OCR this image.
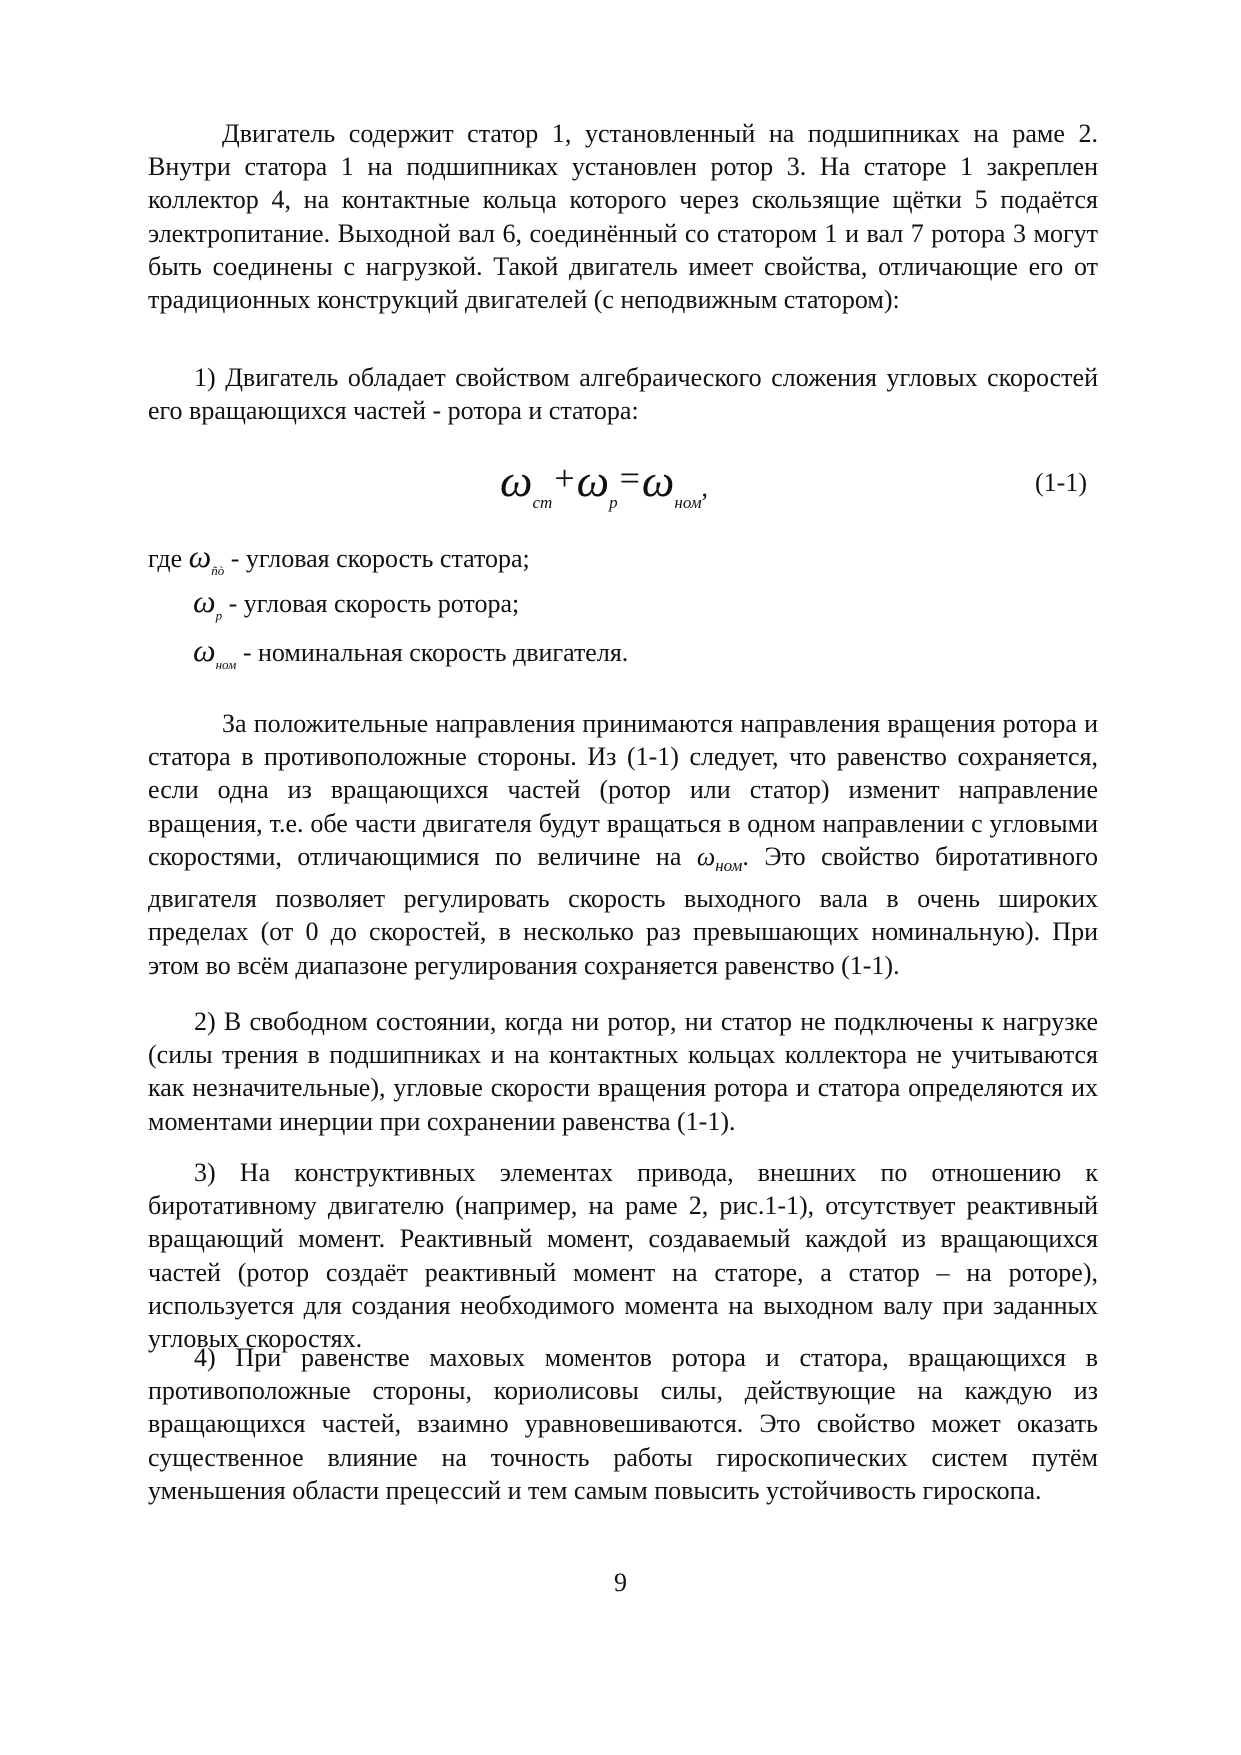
Двигатель содержит статор 1, установленный на подшипниках на раме 2. Внутри статора 1 на подшипниках установлен ротор 3. На статоре 1 закреплен коллектор 4, на контактные кольца которого через скользящие щётки 5 подаётся электропитание. Выходной вал 6, соединённый со статором 1 и вал 7 ротора 3 могут быть соединены с нагрузкой. Такой двигатель имеет свойства, отличающие его от традиционных конструкций двигателей (с неподвижным статором):

1) Двигатель обладает свойством алгебраического сложения угловых скоростей его вращающихся частей - ротора и статора:

$\omega_{ст}+\omega_р=\omega_{ном}$,	(1-1)
где $\omega_{ñò}$ - угловая скорость статора;
$\omega_р$ - угловая скорость ротора;
$\omega_{ном}$ - номинальная скорость двигателя.

За положительные направления принимаются направления вращения ротора и статора в противоположные стороны. Из (1-1) следует, что равенство сохраняется, если одна из вращающихся частей (ротор или статор) изменит направление вращения, т.е. обе части двигателя будут вращаться в одном направлении с угловыми скоростями, отличающимися по величине на $\omega_{ном}$. Это свойство биротативного двигателя позволяет регулировать скорость выходного вала в очень широких пределах (от 0 до скоростей, в несколько раз превышающих номинальную). При этом во всём диапазоне регулирования сохраняется равенство (1-1).

2) В свободном состоянии, когда ни ротор, ни статор не подключены к нагрузке (силы трения в подшипниках и на контактных кольцах коллектора не учитываются как незначительные), угловые скорости вращения ротора и статора определяются их моментами инерции при сохранении равенства (1-1).

3) На конструктивных элементах привода, внешних по отношению к биротативному двигателю (например, на раме 2, рис.1-1), отсутствует реактивный вращающий момент. Реактивный момент, создаваемый каждой из вращающихся частей (ротор создаёт реактивный момент на статоре, а статор – на роторе), используется для создания необходимого момента на выходном валу при заданных угловых скоростях.

4) При равенстве маховых моментов ротора и статора, вращающихся в противоположные стороны, кориолисовы силы, действующие на каждую из вращающихся частей, взаимно уравновешиваются. Это свойство может оказать существенное влияние на точность работы гироскопических систем путём уменьшения области прецессий и тем самым повысить устойчивость гироскопа.

9
